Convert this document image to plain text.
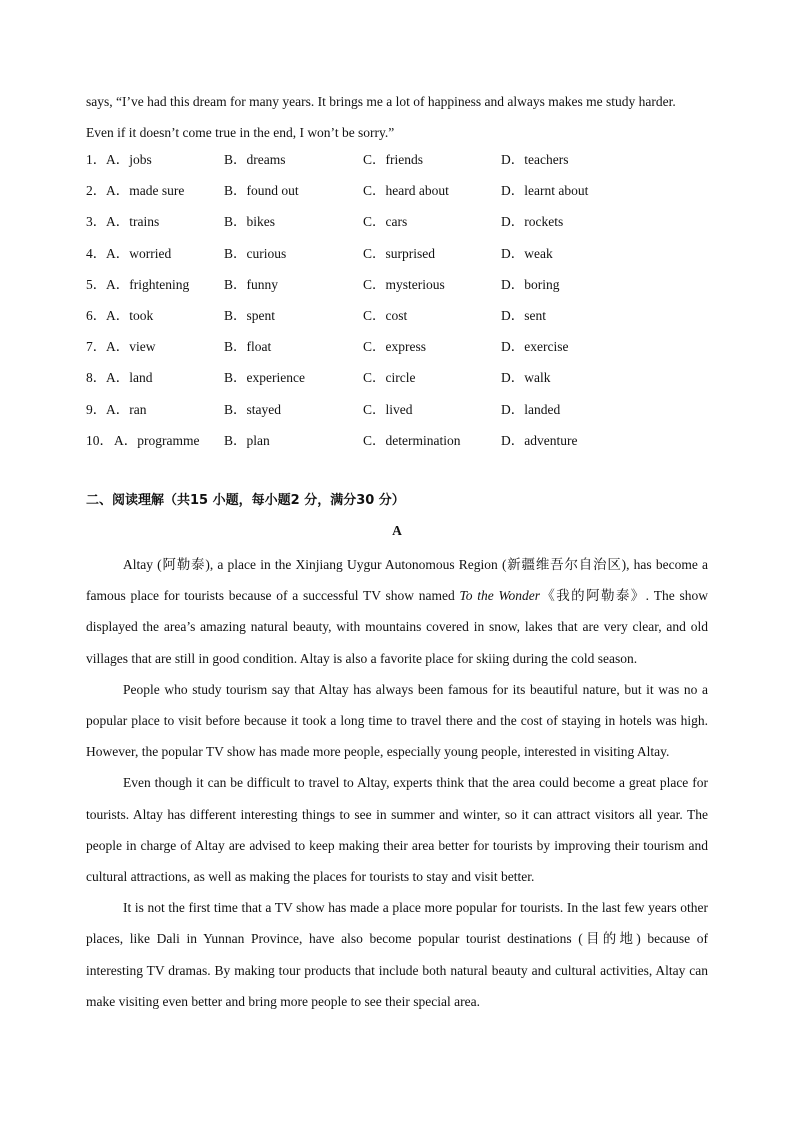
says, “I’ve had this dream for many years. It brings me a lot of happiness and always makes me study harder.

Even if it doesn’t come true in the end, I won’t be sorry.”

1． A．jobs	B．dreams	C．friends	D．teachers
2． A．made sure	B．found out	C．heard about	D．learnt about
3． A．trains	B．bikes	C．cars	D．rockets
4． A．worried	B．curious	C．surprised	D．weak
5． A．frightening	B．funny	C．mysterious	D．boring
6． A．took	B．spent	C．cost	D．sent
7． A．view	B．float	C．express	D．exercise
8． A．land	B．experience	C．circle	D．walk
9． A．ran	B．stayed	C．lived	D．landed
10． A．programme B．plan	C．determination	D．adventure
二、阅读理解（共15 小题，每小题2 分，满分30 分）
A

Altay (阿勒泰), a place in the Xinjiang Uygur Autonomous Region (新疆维吾尔自治区), has become a famous place for tourists because of a successful TV show named To the Wonder《我的阿勒泰》. The show displayed the area’s amazing natural beauty, with mountains covered in snow, lakes that are very clear, and old villages that are still in good condition. Altay is also a favorite place for skiing during the cold season.

People who study tourism say that Altay has always been famous for its beautiful nature, but it was no a popular place to visit before because it took a long time to travel there and the cost of staying in hotels was high. However, the popular TV show has made more people, especially young people, interested in visiting Altay.

Even though it can be difficult to travel to Altay, experts think that the area could become a great place for tourists. Altay has different interesting things to see in summer and winter, so it can attract visitors all year. The people in charge of Altay are advised to keep making their area better for tourists by improving their tourism and cultural attractions, as well as making the places for tourists to stay and visit better.

It is not the first time that a TV show has made a place more popular for tourists. In the last few years other places, like Dali in Yunnan Province, have also become popular tourist destinations (目的地) because of interesting TV dramas. By making tour products that include both natural beauty and cultural activities, Altay can make visiting even better and bring more people to see their special area.
